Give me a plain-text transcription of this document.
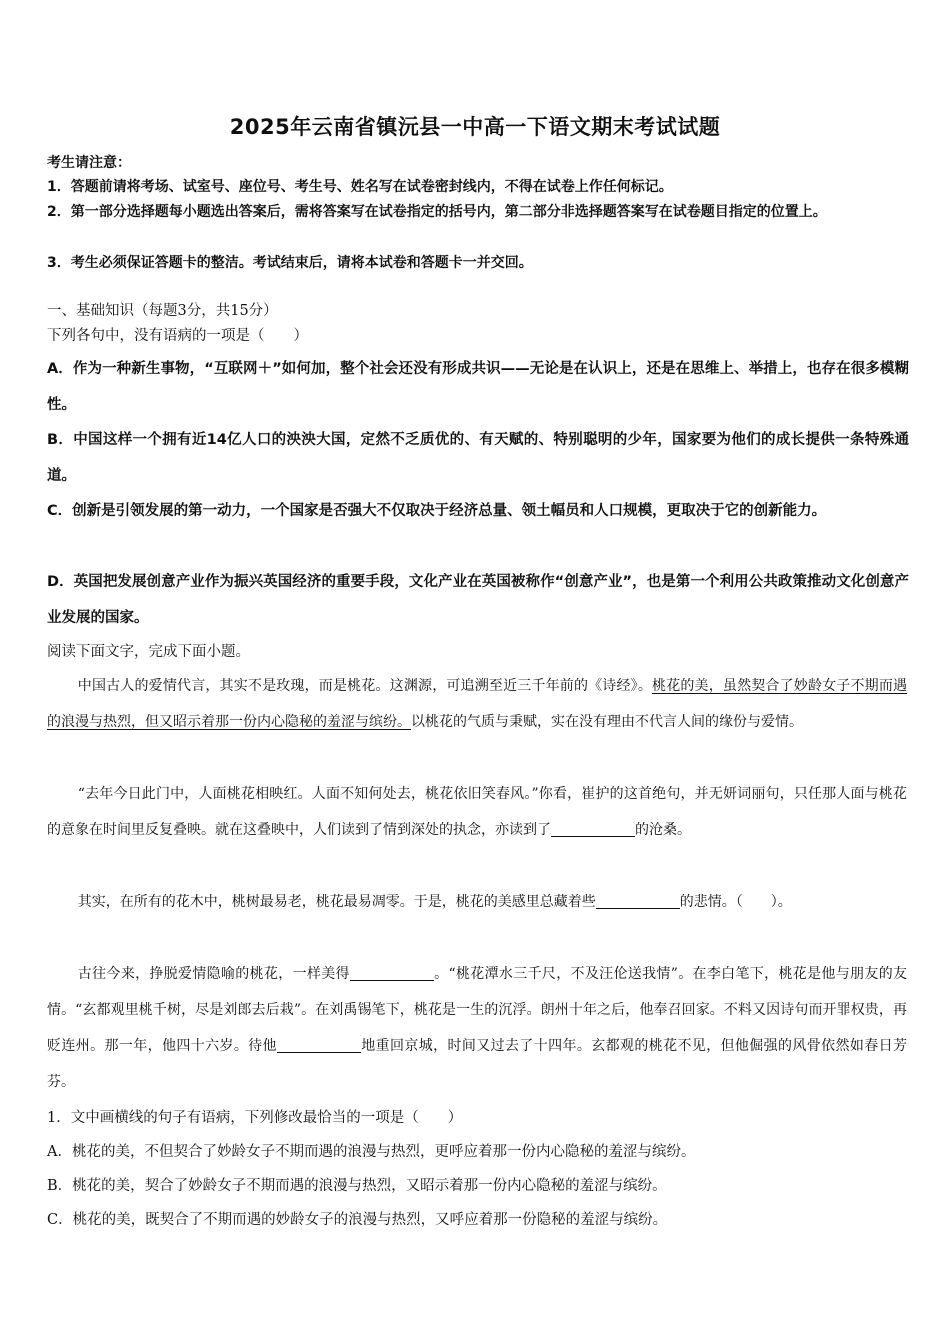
2025年云南省镇沅县一中高一下语文期末考试试题
考生请注意：
1．答题前请将考场、试室号、座位号、考生号、姓名写在试卷密封线内，不得在试卷上作任何标记。
2．第一部分选择题每小题选出答案后，需将答案写在试卷指定的括号内，第二部分非选择题答案写在试卷题目指定的位置上。
3．考生必须保证答题卡的整洁。考试结束后，请将本试卷和答题卡一并交回。
一、基础知识（每题3分，共15分）
下列各句中，没有语病的一项是（　　）
A．作为一种新生事物，“互联网＋”如何加，整个社会还没有形成共识——无论是在认识上，还是在思维上、举措上，也存在很多模糊性。
B．中国这样一个拥有近14亿人口的泱泱大国，定然不乏质优的、有天赋的、特别聪明的少年，国家要为他们的成长提供一条特殊通道。
C．创新是引领发展的第一动力，一个国家是否强大不仅取决于经济总量、领土幅员和人口规模，更取决于它的创新能力。
D．英国把发展创意产业作为振兴英国经济的重要手段，文化产业在英国被称作“创意产业”，也是第一个利用公共政策推动文化创意产业发展的国家。
阅读下面文字，完成下面小题。
中国古人的爱情代言，其实不是玫瑰，而是桃花。这渊源，可追溯至近三千年前的《诗经》。桃花的美，虽然契合了妙龄女子不期而遇的浪漫与热烈，但又昭示着那一份内心隐秘的羞涩与缤纷。以桃花的气质与秉赋，实在没有理由不代言人间的缘份与爱情。
“去年今日此门中，人面桃花相映红。人面不知何处去，桃花依旧笑春风。”你看，崔护的这首绝句，并无妍词丽句，只任那人面与桃花的意象在时间里反复叠映。就在这叠映中，人们读到了情到深处的执念，亦读到了	的沧桑。
其实，在所有的花木中，桃树最易老，桃花最易凋零。于是，桃花的美感里总藏着些	的悲情。（　　）。
古往今来，挣脱爱情隐喻的桃花，一样美得	。“桃花潭水三千尺，不及汪伦送我情”。在李白笔下，桃花是他与朋友的友情。“玄都观里桃千树，尽是刘郎去后栽”。在刘禹锡笔下，桃花是一生的沉浮。朗州十年之后，他奉召回家。不料又因诗句而开罪权贵，再贬连州。那一年，他四十六岁。待他	地重回京城，时间又过去了十四年。玄都观的桃花不见，但他倔强的风骨依然如春日芳芬。
1．文中画横线的句子有语病，下列修改最恰当的一项是（　　）
A．桃花的美，不但契合了妙龄女子不期而遇的浪漫与热烈，更呼应着那一份内心隐秘的羞涩与缤纷。
B．桃花的美，契合了妙龄女子不期而遇的浪漫与热烈，又昭示着那一份内心隐秘的羞涩与缤纷。
C．桃花的美，既契合了不期而遇的妙龄女子的浪漫与热烈，又呼应着那一份隐秘的羞涩与缤纷。
